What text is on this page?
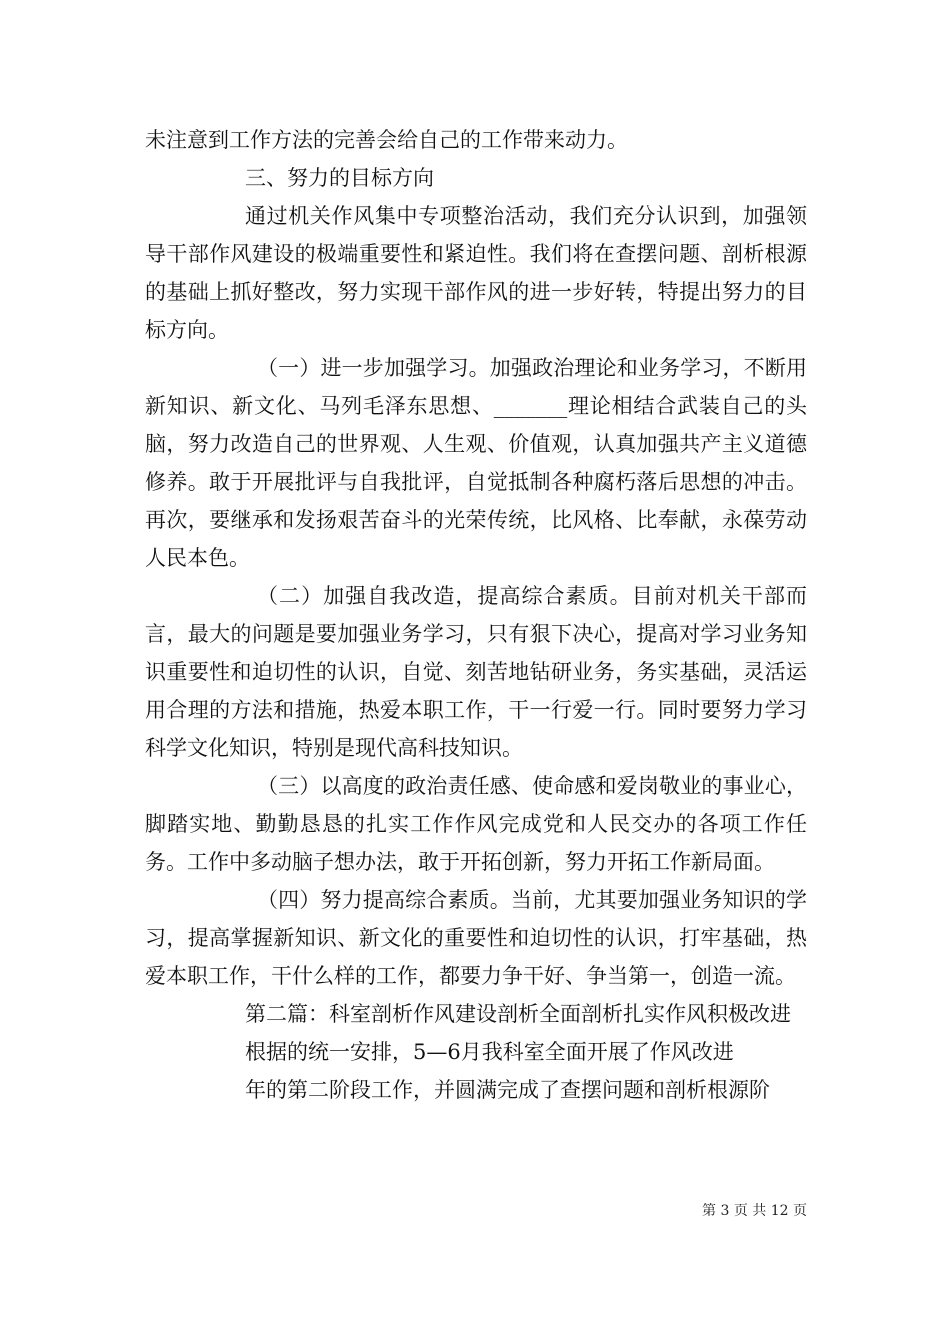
未注意到工作方法的完善会给自己的工作带来动力。

三、努力的目标方向

通过机关作风集中专项整治活动，我们充分认识到，加强领导干部作风建设的极端重要性和紧迫性。我们将在查摆问题、剖析根源的基础上抓好整改，努力实现干部作风的进一步好转，特提出努力的目标方向。

（一）进一步加强学习。加强政治理论和业务学习，不断用新知识、新文化、马列毛泽东思想、_______理论相结合武装自己的头脑，努力改造自己的世界观、人生观、价值观，认真加强共产主义道德修养。敢于开展批评与自我批评，自觉抵制各种腐朽落后思想的冲击。再次，要继承和发扬艰苦奋斗的光荣传统，比风格、比奉献，永葆劳动人民本色。

（二）加强自我改造，提高综合素质。目前对机关干部而言，最大的问题是要加强业务学习，只有狠下决心，提高对学习业务知识重要性和迫切性的认识，自觉、刻苦地钻研业务，务实基础，灵活运用合理的方法和措施，热爱本职工作，干一行爱一行。同时要努力学习科学文化知识，特别是现代高科技知识。

（三）以高度的政治责任感、使命感和爱岗敬业的事业心，脚踏实地、勤勤恳恳的扎实工作作风完成党和人民交办的各项工作任务。工作中多动脑子想办法，敢于开拓创新，努力开拓工作新局面。

（四）努力提高综合素质。当前，尤其要加强业务知识的学习，提高掌握新知识、新文化的重要性和迫切性的认识，打牢基础，热爱本职工作，干什么样的工作，都要力争干好、争当第一，创造一流。

第二篇：科室剖析作风建设剖析全面剖析扎实作风积极改进

根据的统一安排，5—6月我科室全面开展了作风改进

年的第二阶段工作，并圆满完成了查摆问题和剖析根源阶

第 3 页 共 12 页
